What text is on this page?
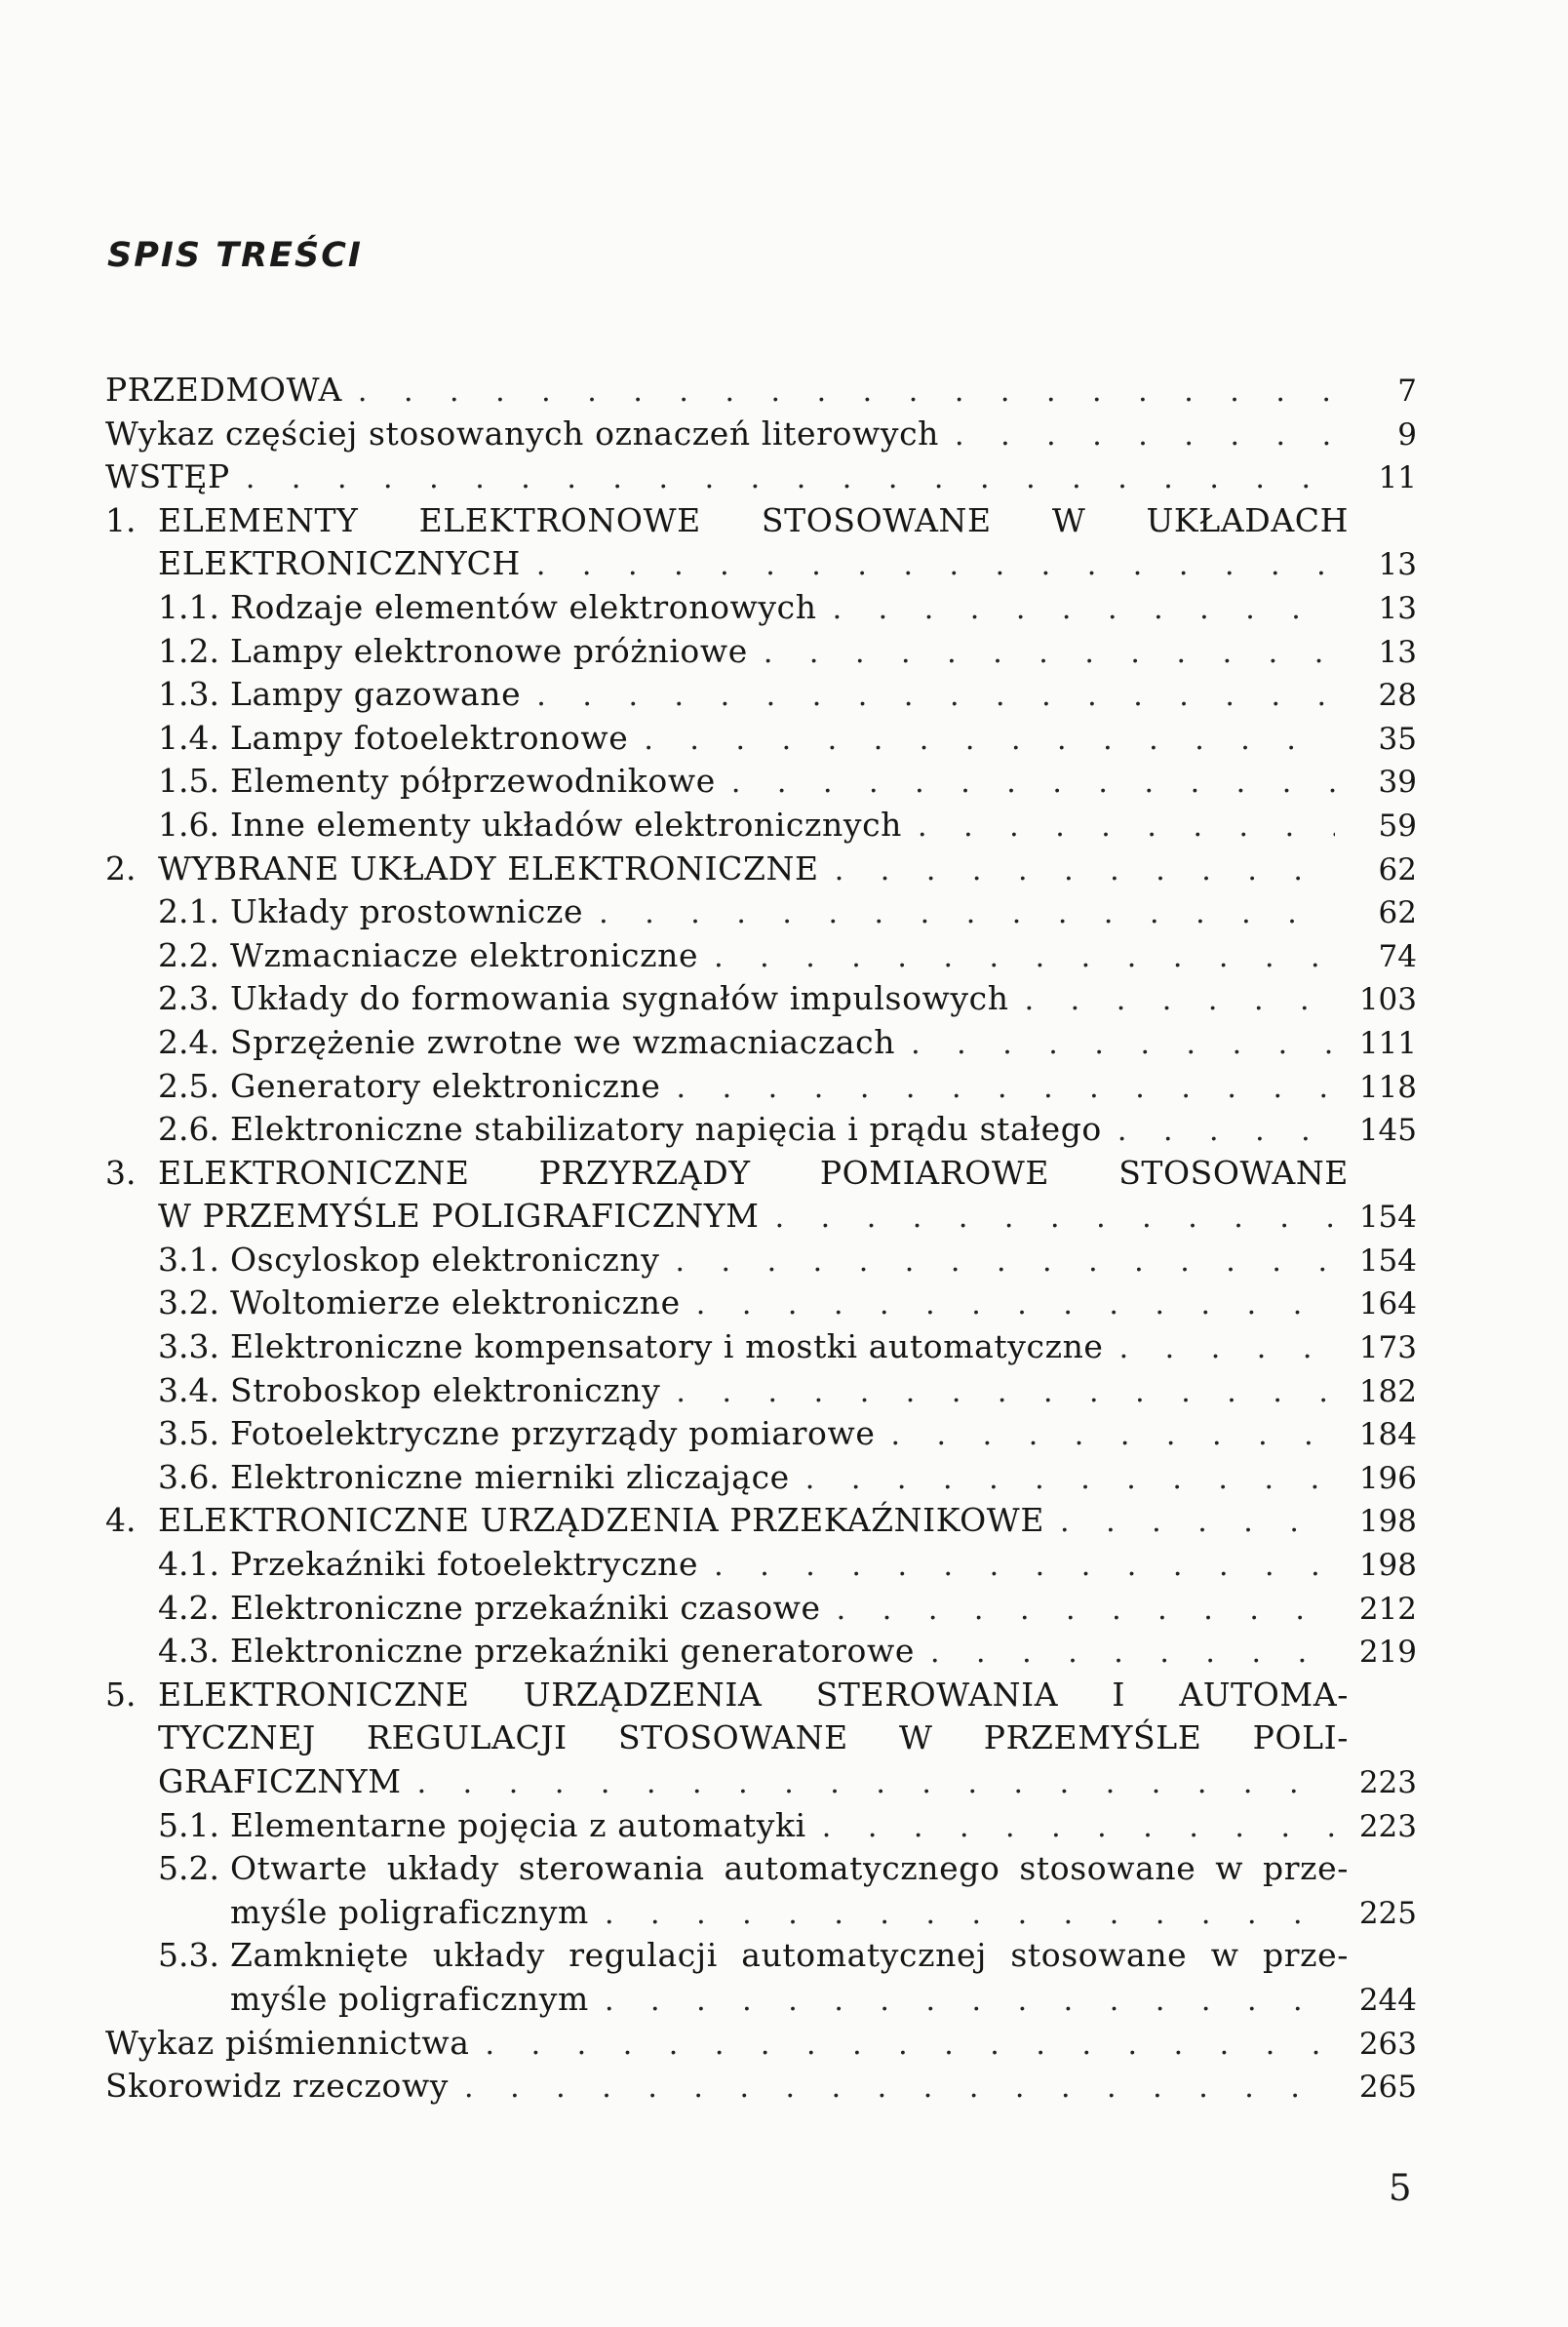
SPIS TREŚCI
PRZEDMOWA . . .	7
Wykaz częściej stosowanych oznaczeń literowych . . .	9
WSTĘP . . .	11
1. ELEMENTY ELEKTRONOWE STOSOWANE W UKŁADACH
ELEKTRONICZNYCH . . .	13
1.1. Rodzaje elementów elektronowych . . .	13
1.2. Lampy elektronowe próżniowe . . .	13
1.3. Lampy gazowane . . .	28
1.4. Lampy fotoelektronowe . . .	35
1.5. Elementy półprzewodnikowe . . .	39
1.6. Inne elementy układów elektronicznych . . .	59
2. WYBRANE UKŁADY ELEKTRONICZNE . . .	62
2.1. Układy prostownicze . . .	62
2.2. Wzmacniacze elektroniczne . . .	74
2.3. Układy do formowania sygnałów impulsowych . . .	103
2.4. Sprzężenie zwrotne we wzmacniaczach . . .	111
2.5. Generatory elektroniczne . . .	118
2.6. Elektroniczne stabilizatory napięcia i prądu stałego . . .	145
3. ELEKTRONICZNE PRZYRZĄDY POMIAROWE STOSOWANE
W PRZEMYŚLE POLIGRAFICZNYM . . .	154
3.1. Oscyloskop elektroniczny . . .	154
3.2. Woltomierze elektroniczne . . .	164
3.3. Elektroniczne kompensatory i mostki automatyczne . . .	173
3.4. Stroboskop elektroniczny . . .	182
3.5. Fotoelektryczne przyrządy pomiarowe . . .	184
3.6. Elektroniczne mierniki zliczające . . .	196
4. ELEKTRONICZNE URZĄDZENIA PRZEKAŹNIKOWE . . .	198
4.1. Przekaźniki fotoelektryczne . . .	198
4.2. Elektroniczne przekaźniki czasowe . . .	212
4.3. Elektroniczne przekaźniki generatorowe . . .	219
5. ELEKTRONICZNE URZĄDZENIA STEROWANIA I AUTOMA-
TYCZNEJ REGULACJI STOSOWANE W PRZEMYŚLE POLI-
GRAFICZNYM . . .	223
5.1. Elementarne pojęcia z automatyki . . .	223
5.2. Otwarte układy sterowania automatycznego stosowane w prze-
myśle poligraficznym . . .	225
5.3. Zamknięte układy regulacji automatycznej stosowane w prze-
myśle poligraficznym . . .	244
Wykaz piśmiennictwa . . .	263
Skorowidz rzeczowy . . .	265

5
